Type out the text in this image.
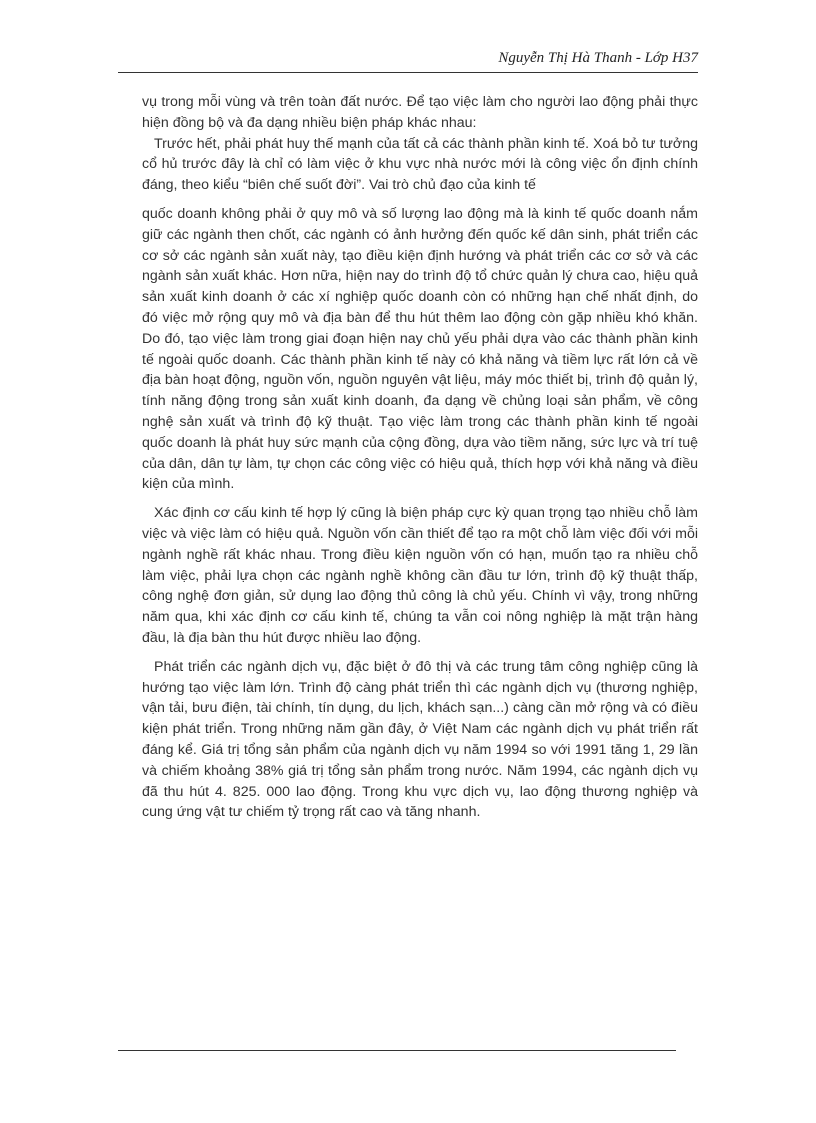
Nguyễn Thị Hà Thanh - Lớp H37

vụ trong mỗi vùng và trên toàn đất nước. Để tạo việc làm cho người lao động phải thực hiện đồng bộ và đa dạng nhiều biện pháp khác nhau:

Trước hết, phải phát huy thế mạnh của tất cả các thành phần kinh tế. Xoá bỏ tư tưởng cổ hủ trước đây là chỉ có làm việc ở khu vực nhà nước mới là công việc ổn định chính đáng, theo kiểu “biên chế suốt đời”. Vai trò chủ đạo của kinh tế

quốc doanh không phải ở quy mô và số lượng lao động mà là kinh tế quốc doanh nắm giữ các ngành then chốt, các ngành có ảnh hưởng đến quốc kế dân sinh, phát triển các cơ sở các ngành sản xuất này, tạo điều kiện định hướng và phát triển các cơ sở và các ngành sản xuất khác. Hơn nữa, hiện nay do trình độ tổ chức quản lý chưa cao, hiệu quả sản xuất kinh doanh ở các xí nghiệp quốc doanh còn có những hạn chế nhất định, do đó việc mở rộng quy mô và địa bàn để thu hút thêm lao động còn gặp nhiều khó khăn. Do đó, tạo việc làm trong giai đoạn hiện nay chủ yếu phải dựa vào các thành phần kinh tế ngoài quốc doanh. Các thành phần kinh tế này có khả năng và tiềm lực rất lớn cả về địa bàn hoạt động, nguồn vốn, nguồn nguyên vật liệu, máy móc thiết bị, trình độ quản lý, tính năng động trong sản xuất kinh doanh, đa dạng về chủng loại sản phẩm, về công nghệ sản xuất và trình độ kỹ thuật. Tạo việc làm trong các thành phần kinh tế ngoài quốc doanh là phát huy sức mạnh của cộng đồng, dựa vào tiềm năng, sức lực và trí tuệ của dân, dân tự làm, tự chọn các công việc có hiệu quả, thích hợp với khả năng và điều kiện của mình.

Xác định cơ cấu kinh tế hợp lý cũng là biện pháp cực kỳ quan trọng tạo nhiều chỗ làm việc và việc làm có hiệu quả. Nguồn vốn cần thiết để tạo ra một chỗ làm việc đối với mỗi ngành nghề rất khác nhau. Trong điều kiện nguồn vốn có hạn, muốn tạo ra nhiều chỗ làm việc, phải lựa chọn các ngành nghề không cần đầu tư lớn, trình độ kỹ thuật thấp, công nghệ đơn giản, sử dụng lao động thủ công là chủ yếu. Chính vì vậy, trong những năm qua, khi xác định cơ cấu kinh tế, chúng ta vẫn coi nông nghiệp là mặt trận hàng đầu, là địa bàn thu hút được nhiều lao động.

Phát triển các ngành dịch vụ, đặc biệt ở đô thị và các trung tâm công nghiệp cũng là hướng tạo việc làm lớn. Trình độ càng phát triển thì các ngành dịch vụ (thương nghiệp, vận tải, bưu điện, tài chính, tín dụng, du lịch, khách sạn...) càng cần mở rộng và có điều kiện phát triển. Trong những năm gần đây, ở Việt Nam các ngành dịch vụ phát triển rất đáng kể. Giá trị tổng sản phẩm của ngành dịch vụ năm 1994 so với 1991 tăng 1, 29 lần và chiếm khoảng 38% giá trị tổng sản phẩm trong nước. Năm 1994, các ngành dịch vụ đã thu hút 4. 825. 000 lao động. Trong khu vực dịch vụ, lao động thương nghiệp và cung ứng vật tư chiếm tỷ trọng rất cao và tăng nhanh.
